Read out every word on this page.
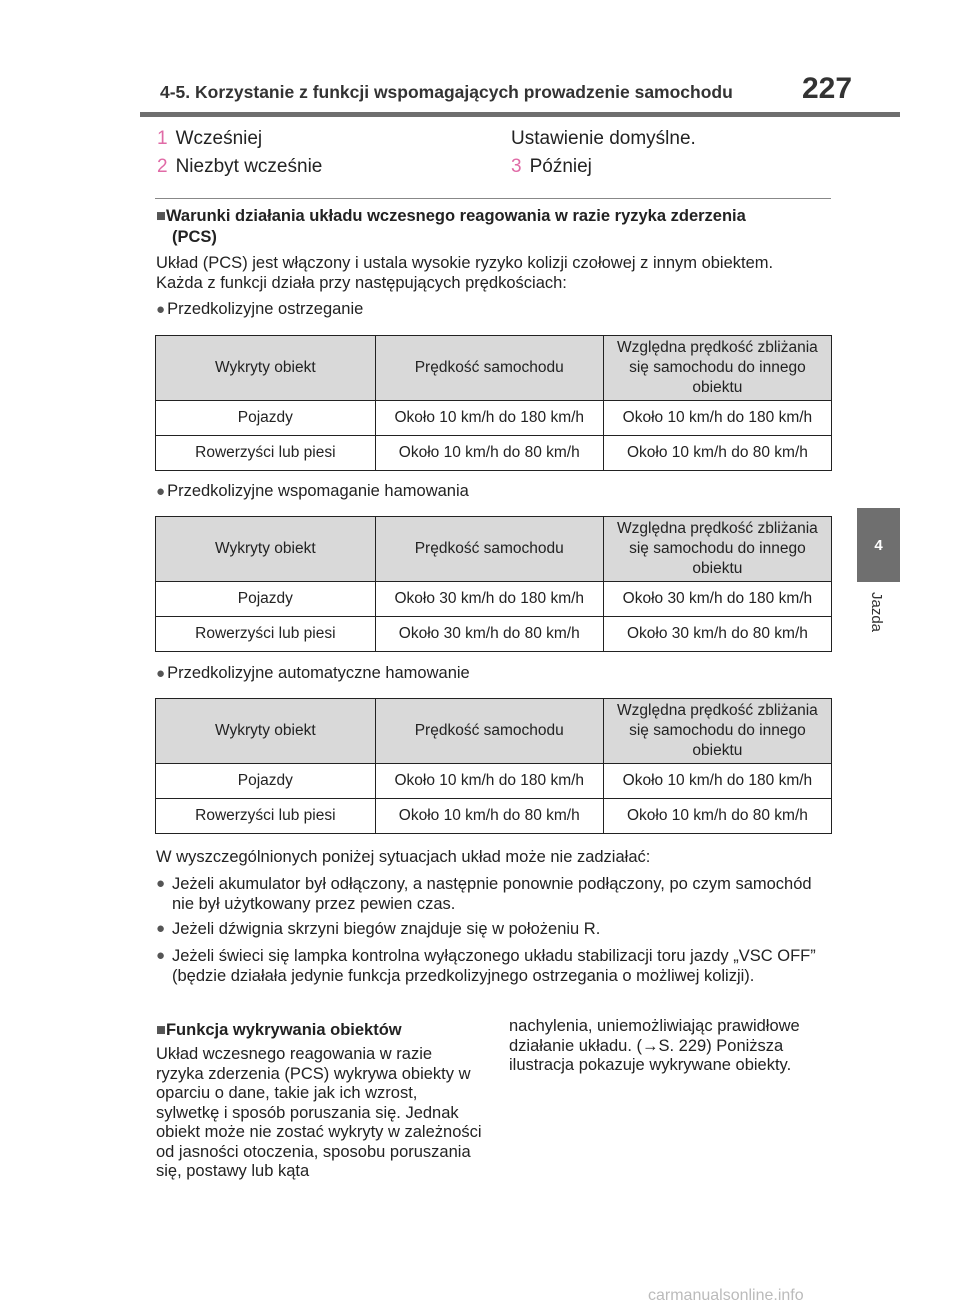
4-5. Korzystanie z funkcji wspomagających prowadzenie samochodu 227
4
Jazda
1 Wcześniej	Ustawienie domyślne.
2 Niezbyt wcześnie	3 Później
■Warunki działania układu wczesnego reagowania w razie ryzyka zderzenia
(PCS)
Układ (PCS) jest włączony i ustala wysokie ryzyko kolizji czołowej z innym obiektem.
Każda z funkcji działa przy następujących prędkościach:
● Przedkolizyjne ostrzeganie
Wykryty obiekt	Prędkość samochodu	Względna prędkość zbliżania się samochodu do innego obiektu
Pojazdy	Około 10 km/h do 180 km/h	Około 10 km/h do 180 km/h
Rowerzyści lub piesi	Około 10 km/h do 80 km/h	Około 10 km/h do 80 km/h
● Przedkolizyjne wspomaganie hamowania
Wykryty obiekt	Prędkość samochodu	Względna prędkość zbliżania się samochodu do innego obiektu
Pojazdy	Około 30 km/h do 180 km/h	Około 30 km/h do 180 km/h
Rowerzyści lub piesi	Około 30 km/h do 80 km/h	Około 30 km/h do 80 km/h
● Przedkolizyjne automatyczne hamowanie
Wykryty obiekt	Prędkość samochodu	Względna prędkość zbliżania się samochodu do innego obiektu
Pojazdy	Około 10 km/h do 180 km/h	Około 10 km/h do 180 km/h
Rowerzyści lub piesi	Około 10 km/h do 80 km/h	Około 10 km/h do 80 km/h
W wyszczególnionych poniżej sytuacjach układ może nie zadziałać:
● Jeżeli akumulator był odłączony, a następnie ponownie podłączony, po czym samochód nie był użytkowany przez pewien czas.
● Jeżeli dźwignia skrzyni biegów znajduje się w położeniu R.
● Jeżeli świeci się lampka kontrolna wyłączonego układu stabilizacji toru jazdy „VSC OFF” (będzie działała jedynie funkcja przedkolizyjnego ostrzegania o możliwej kolizji).
■Funkcja wykrywania obiektów
Układ wczesnego reagowania w razie ryzyka zderzenia (PCS) wykrywa obiekty w oparciu o dane, takie jak ich wzrost, sylwetkę i sposób poruszania się. Jednak obiekt może nie zostać wykryty w zależności od jasności otoczenia, sposobu poruszania się, postawy lub kąta
nachylenia, uniemożliwiając prawidłowe działanie układu. (→S. 229) Poniższa ilustracja pokazuje wykrywane obiekty.
carmanualsonline.info
